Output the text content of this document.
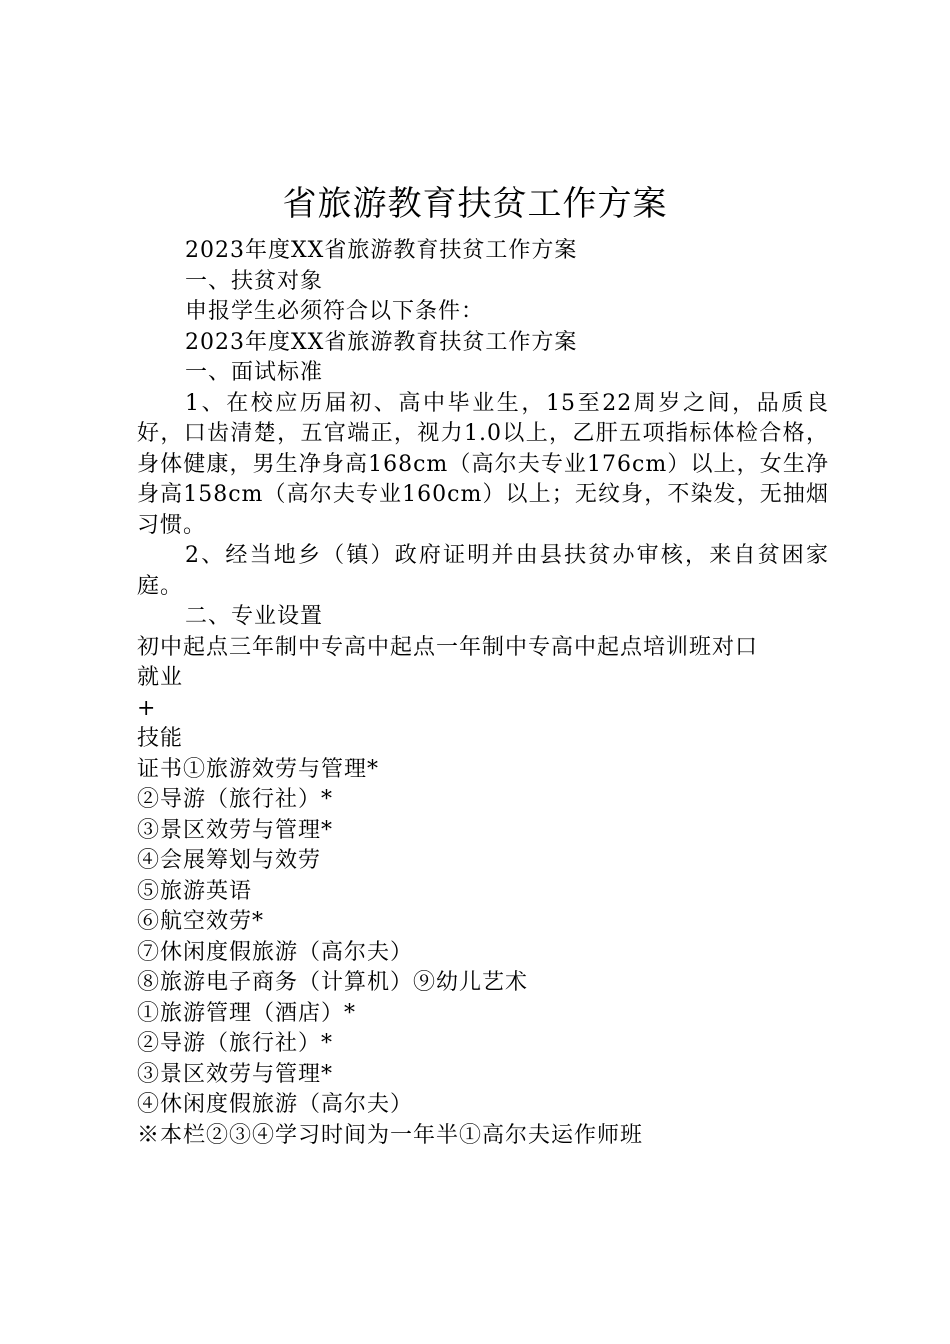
省旅游教育扶贫工作方案

2023年度XX省旅游教育扶贫工作方案

一、扶贫对象

申报学生必须符合以下条件：

2023年度XX省旅游教育扶贫工作方案

一、面试标准

1、在校应历届初、高中毕业生，15至22周岁之间，品质良好，口齿清楚，五官端正，视力1.0以上，乙肝五项指标体检合格，身体健康，男生净身高168cm（高尔夫专业176cm）以上，女生净身高158cm（高尔夫专业160cm）以上；无纹身，不染发，无抽烟习惯。

2、经当地乡（镇）政府证明并由县扶贫办审核，来自贫困家庭。

二、专业设置

初中起点三年制中专高中起点一年制中专高中起点培训班对口

就业

+

技能

证书①旅游效劳与管理*

②导游（旅行社）*

③景区效劳与管理*

④会展筹划与效劳

⑤旅游英语

⑥航空效劳*

⑦休闲度假旅游（高尔夫）

⑧旅游电子商务（计算机）⑨幼儿艺术

①旅游管理（酒店）*

②导游（旅行社）*

③景区效劳与管理*

④休闲度假旅游（高尔夫）

※本栏②③④学习时间为一年半①高尔夫运作师班
